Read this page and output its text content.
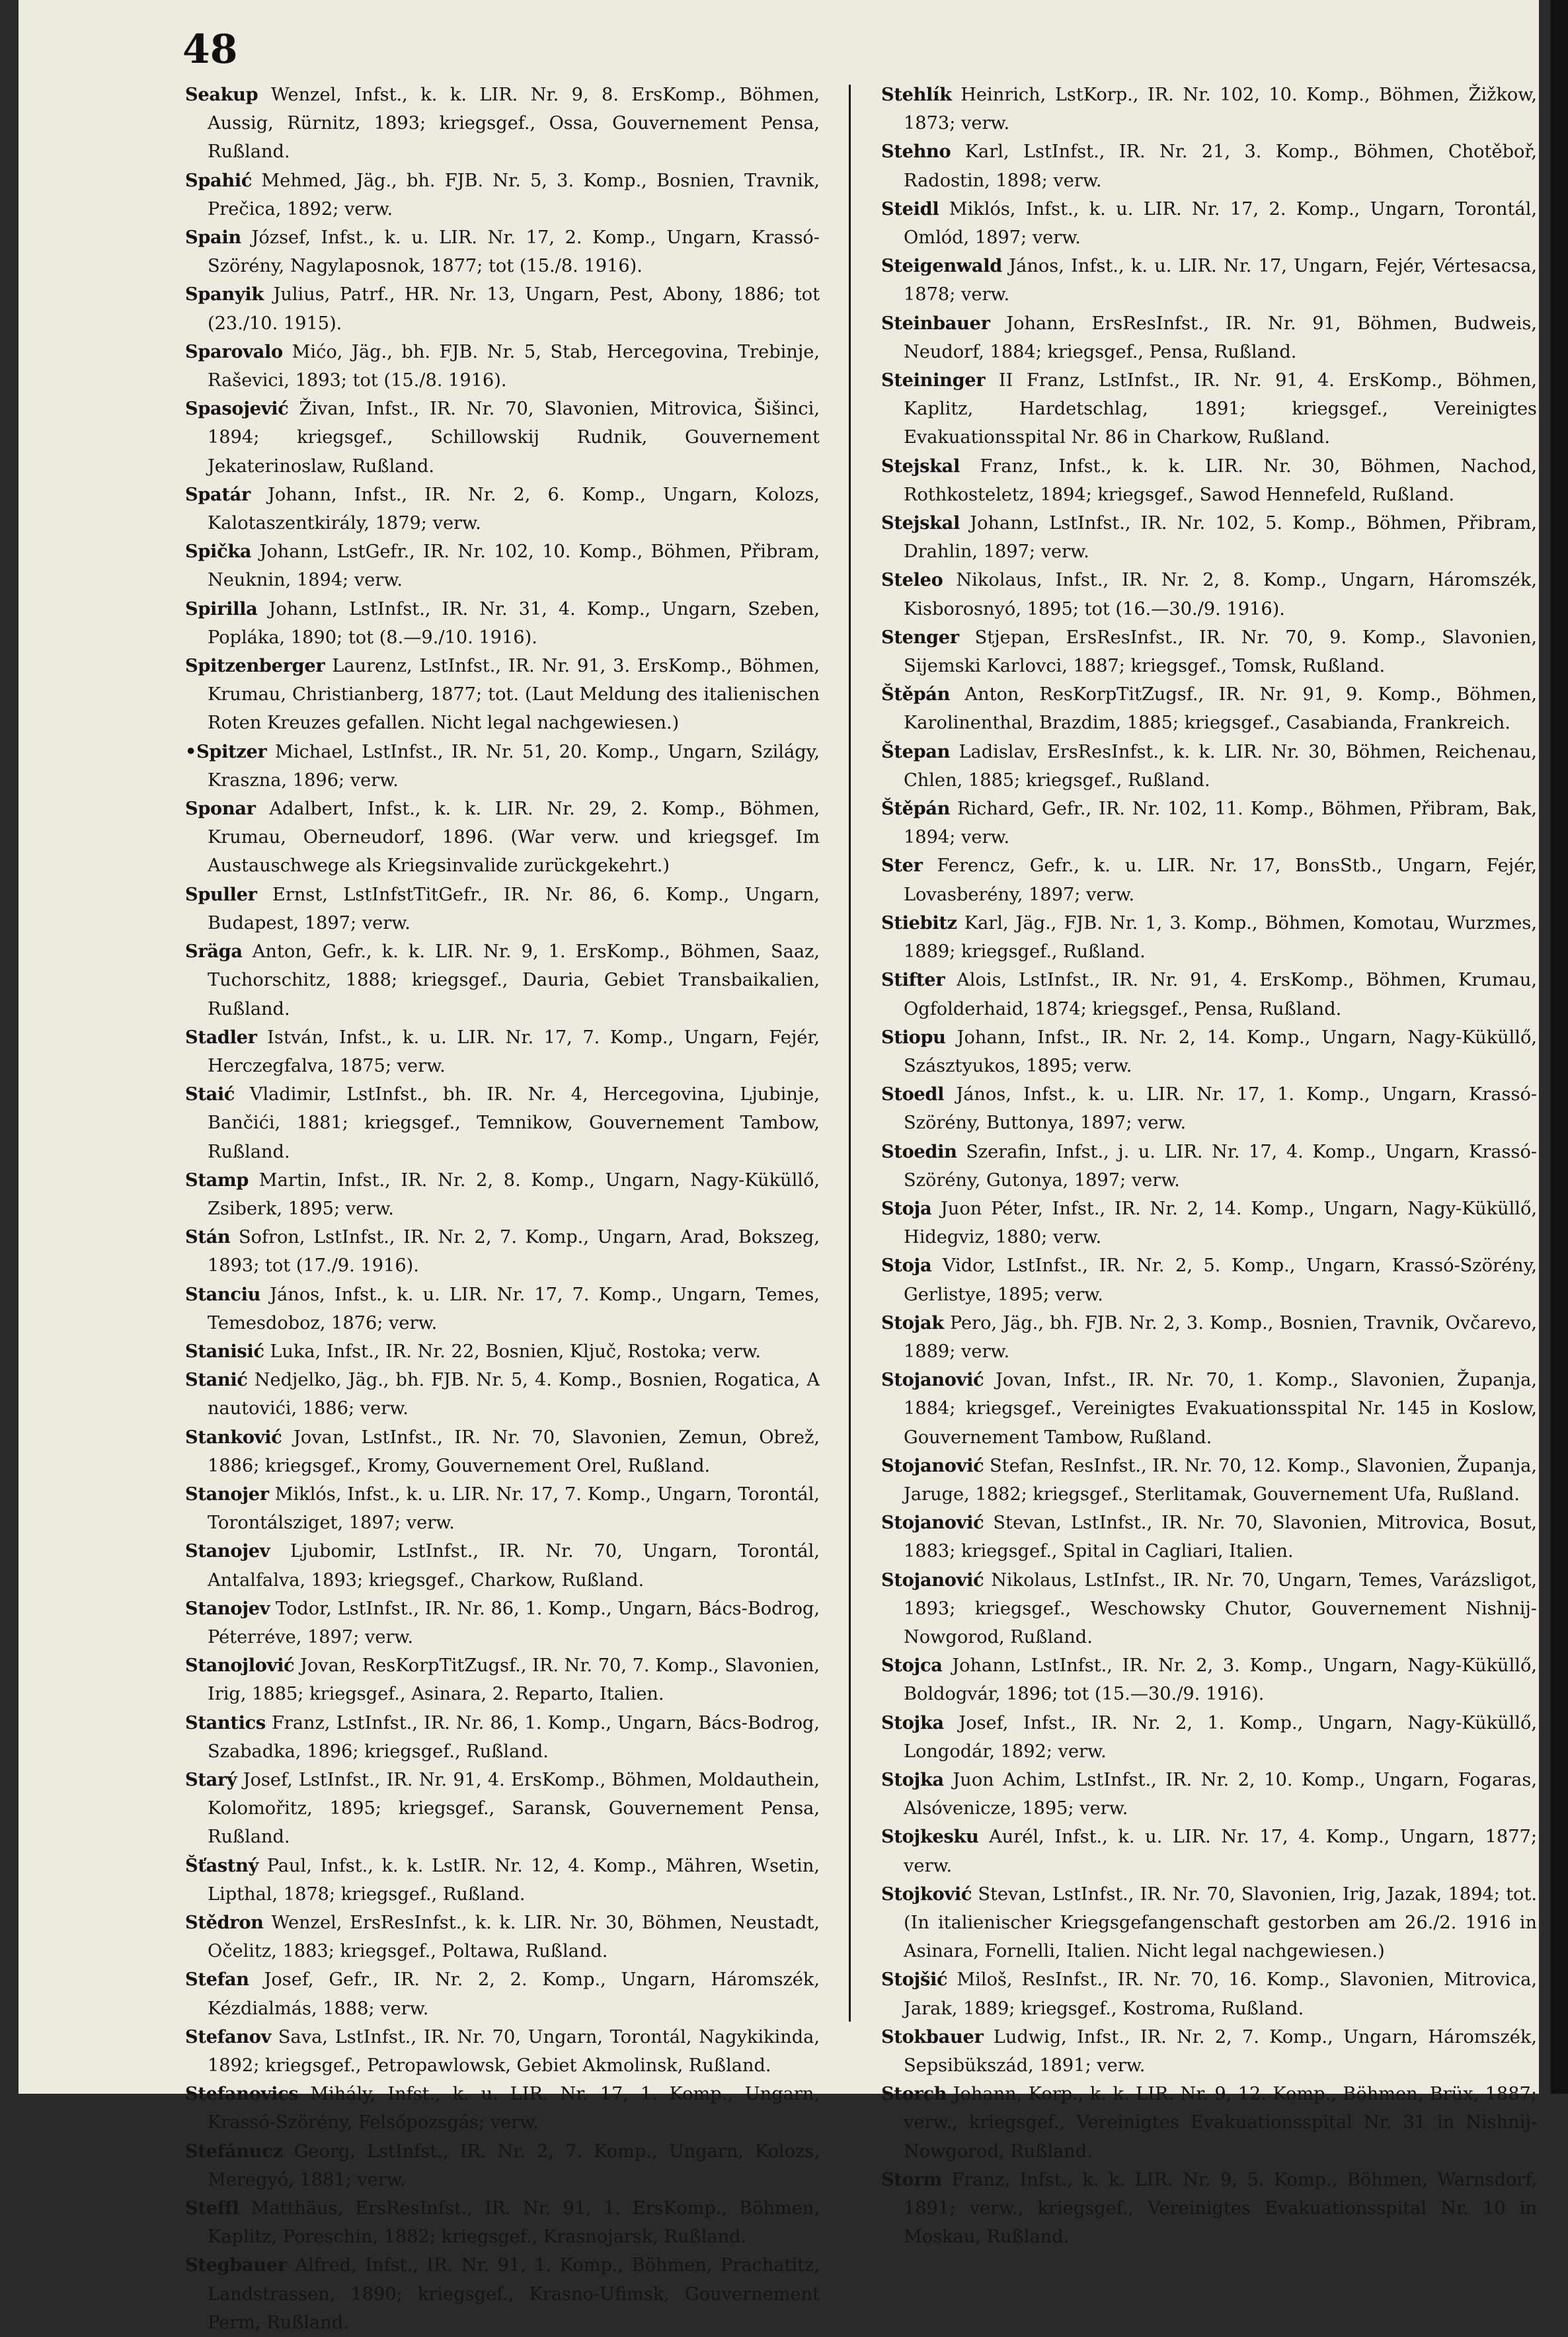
48

Seakup Wenzel, Infst., k. k. LIR. Nr. 9, 8. ErsKomp., Böhmen, Aussig, Rürnitz, 1893; kriegsgef., Ossa, Gouvernement Pensa, Rußland.

Spahić Mehmed, Jäg., bh. FJB. Nr. 5, 3. Komp., Bosnien, Travnik, Prečica, 1892; verw.

Spain József, Infst., k. u. LIR. Nr. 17, 2. Komp., Ungarn, Krassó-Szörény, Nagylaposnok, 1877; tot (15./8. 1916).

Spanyik Julius, Patrf., HR. Nr. 13, Ungarn, Pest, Abony, 1886; tot (23./10. 1915).

Sparovalo Mićo, Jäg., bh. FJB. Nr. 5, Stab, Hercegovina, Trebinje, Raševici, 1893; tot (15./8. 1916).

Spasojević Živan, Infst., IR. Nr. 70, Slavonien, Mitrovica, Šišinci, 1894; kriegsgef., Schillowskij Rudnik, Gouvernement Jekaterinoslaw, Rußland.

Spatár Johann, Infst., IR. Nr. 2, 6. Komp., Ungarn, Kolozs, Kalotaszentkirály, 1879; verw.

Spička Johann, LstGefr., IR. Nr. 102, 10. Komp., Böhmen, Přibram, Neuknin, 1894; verw.

Spirilla Johann, LstInfst., IR. Nr. 31, 4. Komp., Ungarn, Szeben, Popláka, 1890; tot (8.—9./10. 1916).

Spitzenberger Laurenz, LstInfst., IR. Nr. 91, 3. ErsKomp., Böhmen, Krumau, Christianberg, 1877; tot. (Laut Meldung des italienischen Roten Kreuzes gefallen. Nicht legal nachgewiesen.)

•Spitzer Michael, LstInfst., IR. Nr. 51, 20. Komp., Ungarn, Szilágy, Kraszna, 1896; verw.

Sponar Adalbert, Infst., k. k. LIR. Nr. 29, 2. Komp., Böhmen, Krumau, Oberneudorf, 1896. (War verw. und kriegsgef. Im Austauschwege als Kriegsinvalide zurückgekehrt.)

Spuller Ernst, LstInfstTitGefr., IR. Nr. 86, 6. Komp., Ungarn, Budapest, 1897; verw.

Sräga Anton, Gefr., k. k. LIR. Nr. 9, 1. ErsKomp., Böhmen, Saaz, Tuchorschitz, 1888; kriegsgef., Dauria, Gebiet Transbaikalien, Rußland.

Stadler István, Infst., k. u. LIR. Nr. 17, 7. Komp., Ungarn, Fejér, Herczegfalva, 1875; verw.

Staić Vladimir, LstInfst., bh. IR. Nr. 4, Hercegovina, Ljubinje, Bančići, 1881; kriegsgef., Temnikow, Gouvernement Tambow, Rußland.

Stamp Martin, Infst., IR. Nr. 2, 8. Komp., Ungarn, Nagy-Küküllő, Zsiberk, 1895; verw.

Stán Sofron, LstInfst., IR. Nr. 2, 7. Komp., Ungarn, Arad, Bokszeg, 1893; tot (17./9. 1916).

Stanciu János, Infst., k. u. LIR. Nr. 17, 7. Komp., Ungarn, Temes, Temesdoboz, 1876; verw.

Stanisić Luka, Infst., IR. Nr. 22, Bosnien, Ključ, Rostoka; verw.

Stanić Nedjelko, Jäg., bh. FJB. Nr. 5, 4. Komp., Bosnien, Rogatica, A nautovići, 1886; verw.

Stanković Jovan, LstInfst., IR. Nr. 70, Slavonien, Zemun, Obrež, 1886; kriegsgef., Kromy, Gouvernement Orel, Rußland.

Stanojer Miklós, Infst., k. u. LIR. Nr. 17, 7. Komp., Ungarn, Torontál, Torontálsziget, 1897; verw.

Stanojev Ljubomir, LstInfst., IR. Nr. 70, Ungarn, Torontál, Antalfalva, 1893; kriegsgef., Charkow, Rußland.

Stanojev Todor, LstInfst., IR. Nr. 86, 1. Komp., Ungarn, Bács-Bodrog, Péterréve, 1897; verw.

Stanojlović Jovan, ResKorpTitZugsf., IR. Nr. 70, 7. Komp., Slavonien, Irig, 1885; kriegsgef., Asinara, 2. Reparto, Italien.

Stantics Franz, LstInfst., IR. Nr. 86, 1. Komp., Ungarn, Bács-Bodrog, Szabadka, 1896; kriegsgef., Rußland.

Starý Josef, LstInfst., IR. Nr. 91, 4. ErsKomp., Böhmen, Moldauthein, Kolomořitz, 1895; kriegsgef., Saransk, Gouvernement Pensa, Rußland.

Šťastný Paul, Infst., k. k. LstIR. Nr. 12, 4. Komp., Mähren, Wsetin, Lipthal, 1878; kriegsgef., Rußland.

Stědron Wenzel, ErsResInfst., k. k. LIR. Nr. 30, Böhmen, Neustadt, Očelitz, 1883; kriegsgef., Poltawa, Rußland.

Stefan Josef, Gefr., IR. Nr. 2, 2. Komp., Ungarn, Háromszék, Kézdialmás, 1888; verw.

Stefanov Sava, LstInfst., IR. Nr. 70, Ungarn, Torontál, Nagykikinda, 1892; kriegsgef., Petropawlowsk, Gebiet Akmolinsk, Rußland.

Stefanovics Mihály, Infst., k. u. LIR. Nr. 17, 1. Komp., Ungarn, Krassó-Szörény, Felsőpozsgás; verw.

Stefánucz Georg, LstInfst., IR. Nr. 2, 7. Komp., Ungarn, Kolozs, Meregyó, 1881; verw.

Steffl Matthäus, ErsResInfst., IR. Nr. 91, 1. ErsKomp., Böhmen, Kaplitz, Poreschin, 1882; kriegsgef., Krasnojarsk, Rußland.

Stegbauer Alfred, Infst., IR. Nr. 91, 1. Komp., Böhmen, Prachatitz, Landstrassen, 1890; kriegsgef., Krasno-Ufimsk, Gouvernement Perm, Rußland.

Stehlík Heinrich, LstKorp., IR. Nr. 102, 10. Komp., Böhmen, Žižkow, 1873; verw.

Stehno Karl, LstInfst., IR. Nr. 21, 3. Komp., Böhmen, Chotěboř, Radostin, 1898; verw.

Steidl Miklós, Infst., k. u. LIR. Nr. 17, 2. Komp., Ungarn, Torontál, Omlód, 1897; verw.

Steigenwald János, Infst., k. u. LIR. Nr. 17, Ungarn, Fejér, Vértesacsa, 1878; verw.

Steinbauer Johann, ErsResInfst., IR. Nr. 91, Böhmen, Budweis, Neudorf, 1884; kriegsgef., Pensa, Rußland.

Steininger II Franz, LstInfst., IR. Nr. 91, 4. ErsKomp., Böhmen, Kaplitz, Hardetschlag, 1891; kriegsgef., Vereinigtes Evakuationsspital Nr. 86 in Charkow, Rußland.

Stejskal Franz, Infst., k. k. LIR. Nr. 30, Böhmen, Nachod, Rothkosteletz, 1894; kriegsgef., Sawod Hennefeld, Rußland.

Stejskal Johann, LstInfst., IR. Nr. 102, 5. Komp., Böhmen, Přibram, Drahlin, 1897; verw.

Steleo Nikolaus, Infst., IR. Nr. 2, 8. Komp., Ungarn, Háromszék, Kisborosnyó, 1895; tot (16.—30./9. 1916).

Stenger Stjepan, ErsResInfst., IR. Nr. 70, 9. Komp., Slavonien, Sijemski Karlovci, 1887; kriegsgef., Tomsk, Rußland.

Štěpán Anton, ResKorpTitZugsf., IR. Nr. 91, 9. Komp., Böhmen, Karolinenthal, Brazdim, 1885; kriegsgef., Casabianda, Frankreich.

Štepan Ladislav, ErsResInfst., k. k. LIR. Nr. 30, Böhmen, Reichenau, Chlen, 1885; kriegsgef., Rußland.

Štěpán Richard, Gefr., IR. Nr. 102, 11. Komp., Böhmen, Přibram, Bak, 1894; verw.

Ster Ferencz, Gefr., k. u. LIR. Nr. 17, BonsStb., Ungarn, Fejér, Lovasberény, 1897; verw.

Stiebitz Karl, Jäg., FJB. Nr. 1, 3. Komp., Böhmen, Komotau, Wurzmes, 1889; kriegsgef., Rußland.

Stifter Alois, LstInfst., IR. Nr. 91, 4. ErsKomp., Böhmen, Krumau, Ogfolderhaid, 1874; kriegsgef., Pensa, Rußland.

Stiopu Johann, Infst., IR. Nr. 2, 14. Komp., Ungarn, Nagy-Küküllő, Szásztyukos, 1895; verw.

Stoedl János, Infst., k. u. LIR. Nr. 17, 1. Komp., Ungarn, Krassó-Szörény, Buttonya, 1897; verw.

Stoedin Szerafin, Infst., j. u. LIR. Nr. 17, 4. Komp., Ungarn, Krassó-Szörény, Gutonya, 1897; verw.

Stoja Juon Péter, Infst., IR. Nr. 2, 14. Komp., Ungarn, Nagy-Küküllő, Hidegviz, 1880; verw.

Stoja Vidor, LstInfst., IR. Nr. 2, 5. Komp., Ungarn, Krassó-Szörény, Gerlistye, 1895; verw.

Stojak Pero, Jäg., bh. FJB. Nr. 2, 3. Komp., Bosnien, Travnik, Ovčarevo, 1889; verw.

Stojanović Jovan, Infst., IR. Nr. 70, 1. Komp., Slavonien, Županja, 1884; kriegsgef., Vereinigtes Evakuationsspital Nr. 145 in Koslow, Gouvernement Tambow, Rußland.

Stojanović Stefan, ResInfst., IR. Nr. 70, 12. Komp., Slavonien, Županja, Jaruge, 1882; kriegsgef., Sterlitamak, Gouvernement Ufa, Rußland.

Stojanović Stevan, LstInfst., IR. Nr. 70, Slavonien, Mitrovica, Bosut, 1883; kriegsgef., Spital in Cagliari, Italien.

Stojanović Nikolaus, LstInfst., IR. Nr. 70, Ungarn, Temes, Varázsligot, 1893; kriegsgef., Weschowsky Chutor, Gouvernement Nishnij-Nowgorod, Rußland.

Stojca Johann, LstInfst., IR. Nr. 2, 3. Komp., Ungarn, Nagy-Küküllő, Boldogvár, 1896; tot (15.—30./9. 1916).

Stojka Josef, Infst., IR. Nr. 2, 1. Komp., Ungarn, Nagy-Küküllő, Longodár, 1892; verw.

Stojka Juon Achim, LstInfst., IR. Nr. 2, 10. Komp., Ungarn, Fogaras, Alsóvenicze, 1895; verw.

Stojkesku Aurél, Infst., k. u. LIR. Nr. 17, 4. Komp., Ungarn, 1877; verw.

Stojković Stevan, LstInfst., IR. Nr. 70, Slavonien, Irig, Jazak, 1894; tot. (In italienischer Kriegsgefangenschaft gestorben am 26./2. 1916 in Asinara, Fornelli, Italien. Nicht legal nachgewiesen.)

Stojšić Miloš, ResInfst., IR. Nr. 70, 16. Komp., Slavonien, Mitrovica, Jarak, 1889; kriegsgef., Kostroma, Rußland.

Stokbauer Ludwig, Infst., IR. Nr. 2, 7. Komp., Ungarn, Háromszék, Sepsibükszád, 1891; verw.

Storch Johann, Korp., k. k. LIR. Nr. 9, 12. Komp., Böhmen, Brüx, 1887; verw., kriegsgef., Vereinigtes Evakuationsspital Nr. 31 in Nishnij-Nowgorod, Rußland.

Storm Franz, Infst., k. k. LIR. Nr. 9, 5. Komp., Böhmen, Warnsdorf, 1891; verw., kriegsgef., Vereinigtes Evakuationsspital Nr. 10 in Moskau, Rußland.
